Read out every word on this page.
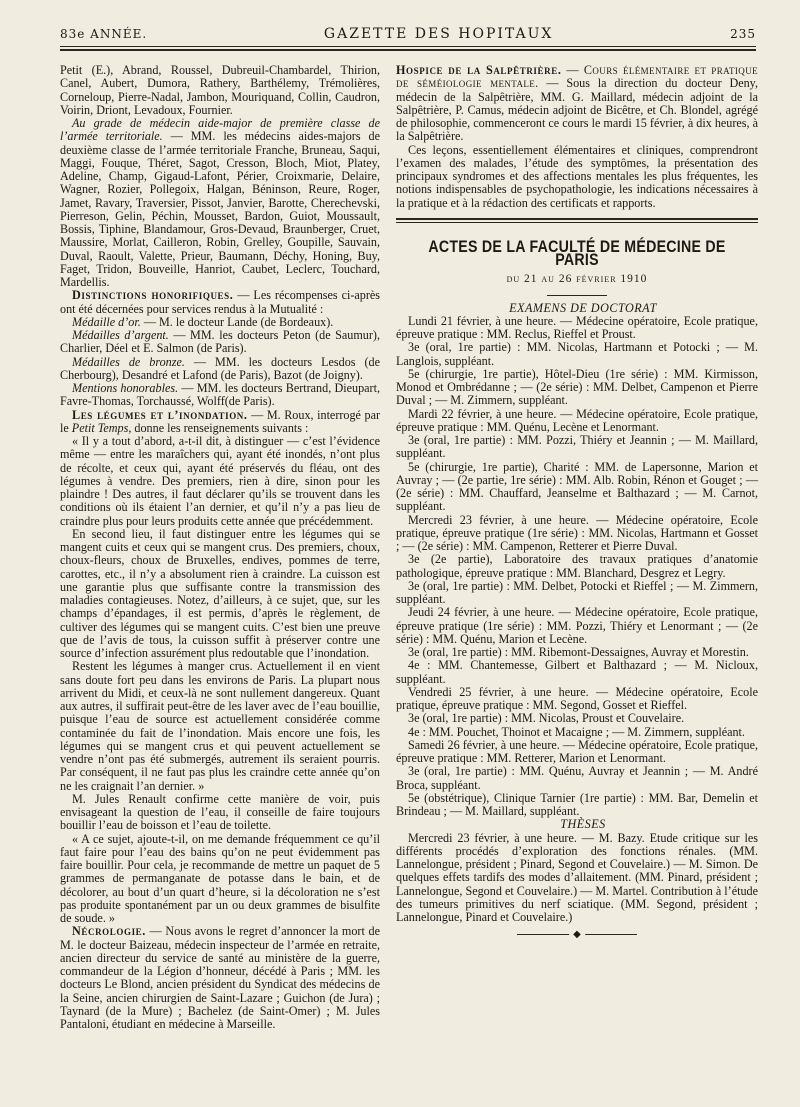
83e ANNÉE.	GAZETTE DES HOPITAUX	235

Petit (E.), Abrand, Roussel, Dubreuil-Chambardel, Thirion, Canel, Aubert, Dumora, Rathery, Barthélemy, Trémolières, Corneloup, Pierre-Nadal, Jambon, Mouriquand, Collin, Caudron, Voirin, Driont, Levadoux, Fournier.

Au grade de médecin aide-major de première classe de l’armée territoriale. — MM. les médecins aides-majors de deuxième classe de l’armée territoriale Franche, Bruneau, Saqui, Maggi, Fouque, Théret, Sagot, Cresson, Bloch, Miot, Platey, Adeline, Champ, Gigaud-Lafont, Périer, Croixmarie, Delaire, Wagner, Rozier, Pollegoix, Halgan, Béninson, Reure, Roger, Jamet, Ravary, Traversier, Pissot, Janvier, Barotte, Cherechevski, Pierreson, Gelin, Péchin, Mousset, Bardon, Guiot, Moussault, Bossis, Tiphine, Blandamour, Gros-Devaud, Braunberger, Cruet, Maussire, Morlat, Cailleron, Robin, Grelley, Goupille, Sauvain, Duval, Raoult, Valette, Prieur, Baumann, Déchy, Honing, Buy, Faget, Tridon, Bouveille, Hanriot, Caubet, Leclerc, Touchard, Mardellis.

Distinctions honorifiques. — Les récompenses ci-après ont été décernées pour services rendus à la Mutualité :

Médaille d’or. — M. le docteur Lande (de Bordeaux).

Médailles d’argent. — MM. les docteurs Peton (de Saumur), Charlier, Déel et E. Salmon (de Paris).

Médailles de bronze. — MM. les docteurs Lesdos (de Cherbourg), Desandré et Lafond (de Paris), Bazot (de Joigny).

Mentions honorables. — MM. les docteurs Bertrand, Dieupart, Favre-Thomas, Torchaussé, Wolff(de Paris).

Les légumes et l’inondation. — M. Roux, interrogé par le Petit Temps, donne les renseignements suivants :

« Il y a tout d’abord, a-t-il dit, à distinguer — c’est l’évidence même — entre les maraîchers qui, ayant été inondés, n’ont plus de récolte, et ceux qui, ayant été préservés du fléau, ont des légumes à vendre. Des premiers, rien à dire, sinon pour les plaindre ! Des autres, il faut déclarer qu’ils se trouvent dans les conditions où ils étaient l’an dernier, et qu’il n’y a pas lieu de craindre plus pour leurs produits cette année que précédemment.

En second lieu, il faut distinguer entre les légumes qui se mangent cuits et ceux qui se mangent crus. Des premiers, choux, choux-fleurs, choux de Bruxelles, endives, pommes de terre, carottes, etc., il n’y a absolument rien à craindre. La cuisson est une garantie plus que suffisante contre la transmission des maladies contagieuses. Notez, d’ailleurs, à ce sujet, que, sur les champs d’épandages, il est permis, d’après le règlement, de cultiver des légumes qui se mangent cuits. C’est bien une preuve que de l’avis de tous, la cuisson suffit à préserver contre une source d’infection assurément plus redoutable que l’inondation.

Restent les légumes à manger crus. Actuellement il en vient sans doute fort peu dans les environs de Paris. La plupart nous arrivent du Midi, et ceux-là ne sont nullement dangereux. Quant aux autres, il suffirait peut-être de les laver avec de l’eau bouillie, puisque l’eau de source est actuellement considérée comme contaminée du fait de l’inondation. Mais encore une fois, les légumes qui se mangent crus et qui peuvent actuellement se vendre n’ont pas été submergés, autrement ils seraient pourris. Par conséquent, il ne faut pas plus les craindre cette année qu’on ne les craignait l’an dernier. »

M. Jules Renault confirme cette manière de voir, puis envisageant la question de l’eau, il conseille de faire toujours bouillir l’eau de boisson et l’eau de toilette.

« A ce sujet, ajoute-t-il, on me demande fréquemment ce qu’il faut faire pour l’eau des bains qu’on ne peut évidemment pas faire bouillir. Pour cela, je recommande de mettre un paquet de 5 grammes de permanganate de potasse dans le bain, et de décolorer, au bout d’un quart d’heure, si la décoloration ne s’est pas produite spontanément par un ou deux grammes de bisulfite de soude. »

Nécrologie. — Nous avons le regret d’annoncer la mort de M. le docteur Baizeau, médecin inspecteur de l’armée en retraite, ancien directeur du service de santé au ministère de la guerre, commandeur de la Légion d’honneur, décédé à Paris ; MM. les docteurs Le Blond, ancien président du Syndicat des médecins de la Seine, ancien chirurgien de Saint-Lazare ; Guichon (de Jura) ; Taynard (de la Mure) ; Bachelez (de Saint-Omer) ; M. Jules Pantaloni, étudiant en médecine à Marseille.

Hospice de la Salpêtrière. — Cours élémentaire et pratique de séméiologie mentale. — Sous la direction du docteur Deny, médecin de la Salpêtrière, MM. G. Maillard, médecin adjoint de la Salpêtrière, P. Camus, médecin adjoint de Bicêtre, et Ch. Blondel, agrégé de philosophie, commenceront ce cours le mardi 15 février, à dix heures, à la Salpêtrière.

Ces leçons, essentiellement élémentaires et cliniques, comprendront l’examen des malades, l’étude des symptômes, la présentation des principaux syndromes et des affections mentales les plus fréquentes, les notions indispensables de psychopathologie, les indications nécessaires à la pratique et à la rédaction des certificats et rapports.

ACTES DE LA FACULTÉ DE MÉDECINE DE PARIS
du 21 au 26 février 1910

EXAMENS DE DOCTORAT

Lundi 21 février, à une heure. — Médecine opératoire, Ecole pratique, épreuve pratique : MM. Reclus, Rieffel et Proust.

3e (oral, 1re partie) : MM. Nicolas, Hartmann et Potocki ; — M. Langlois, suppléant.

5e (chirurgie, 1re partie), Hôtel-Dieu (1re série) : MM. Kirmisson, Monod et Ombrédanne ; — (2e série) : MM. Delbet, Campenon et Pierre Duval ; — M. Zimmern, suppléant.

Mardi 22 février, à une heure. — Médecine opératoire, Ecole pratique, épreuve pratique : MM. Quénu, Lecène et Lenormant.

3e (oral, 1re partie) : MM. Pozzi, Thiéry et Jeannin ; — M. Maillard, suppléant.

5e (chirurgie, 1re partie), Charité : MM. de Lapersonne, Marion et Auvray ; — (2e partie, 1re série) : MM. Alb. Robin, Rénon et Gouget ; — (2e série) : MM. Chauffard, Jeanselme et Balthazard ; — M. Carnot, suppléant.

Mercredi 23 février, à une heure. — Médecine opératoire, Ecole pratique, épreuve pratique (1re série) : MM. Nicolas, Hartmann et Gosset ; — (2e série) : MM. Campenon, Retterer et Pierre Duval.

3e (2e partie), Laboratoire des travaux pratiques d’anatomie pathologique, épreuve pratique : MM. Blanchard, Desgrez et Legry.

3e (oral, 1re partie) : MM. Delbet, Potocki et Rieffel ; — M. Zimmern, suppléant.

Jeudi 24 février, à une heure. — Médecine opératoire, Ecole pratique, épreuve pratique (1re série) : MM. Pozzi, Thiéry et Lenormant ; — (2e série) : MM. Quénu, Marion et Lecène.

3e (oral, 1re partie) : MM. Ribemont-Dessaignes, Auvray et Morestin.

4e : MM. Chantemesse, Gilbert et Balthazard ; — M. Nicloux, suppléant.

Vendredi 25 février, à une heure. — Médecine opératoire, Ecole pratique, épreuve pratique : MM. Segond, Gosset et Rieffel.

3e (oral, 1re partie) : MM. Nicolas, Proust et Couvelaire.

4e : MM. Pouchet, Thoinot et Macaigne ; — M. Zimmern, suppléant.

Samedi 26 février, à une heure. — Médecine opératoire, Ecole pratique, épreuve pratique : MM. Retterer, Marion et Lenormant.

3e (oral, 1re partie) : MM. Quénu, Auvray et Jeannin ; — M. André Broca, suppléant.

5e (obstétrique), Clinique Tarnier (1re partie) : MM. Bar, Demelin et Brindeau ; — M. Maillard, suppléant.

THÈSES

Mercredi 23 février, à une heure. — M. Bazy. Etude critique sur les différents procédés d’exploration des fonctions rénales. (MM. Lannelongue, président ; Pinard, Segond et Couvelaire.) — M. Simon. De quelques effets tardifs des modes d’allaitement. (MM. Pinard, président ; Lannelongue, Segond et Couvelaire.) — M. Martel. Contribution à l’étude des tumeurs primitives du nerf sciatique. (MM. Segond, président ; Lannelongue, Pinard et Couvelaire.)

◆
